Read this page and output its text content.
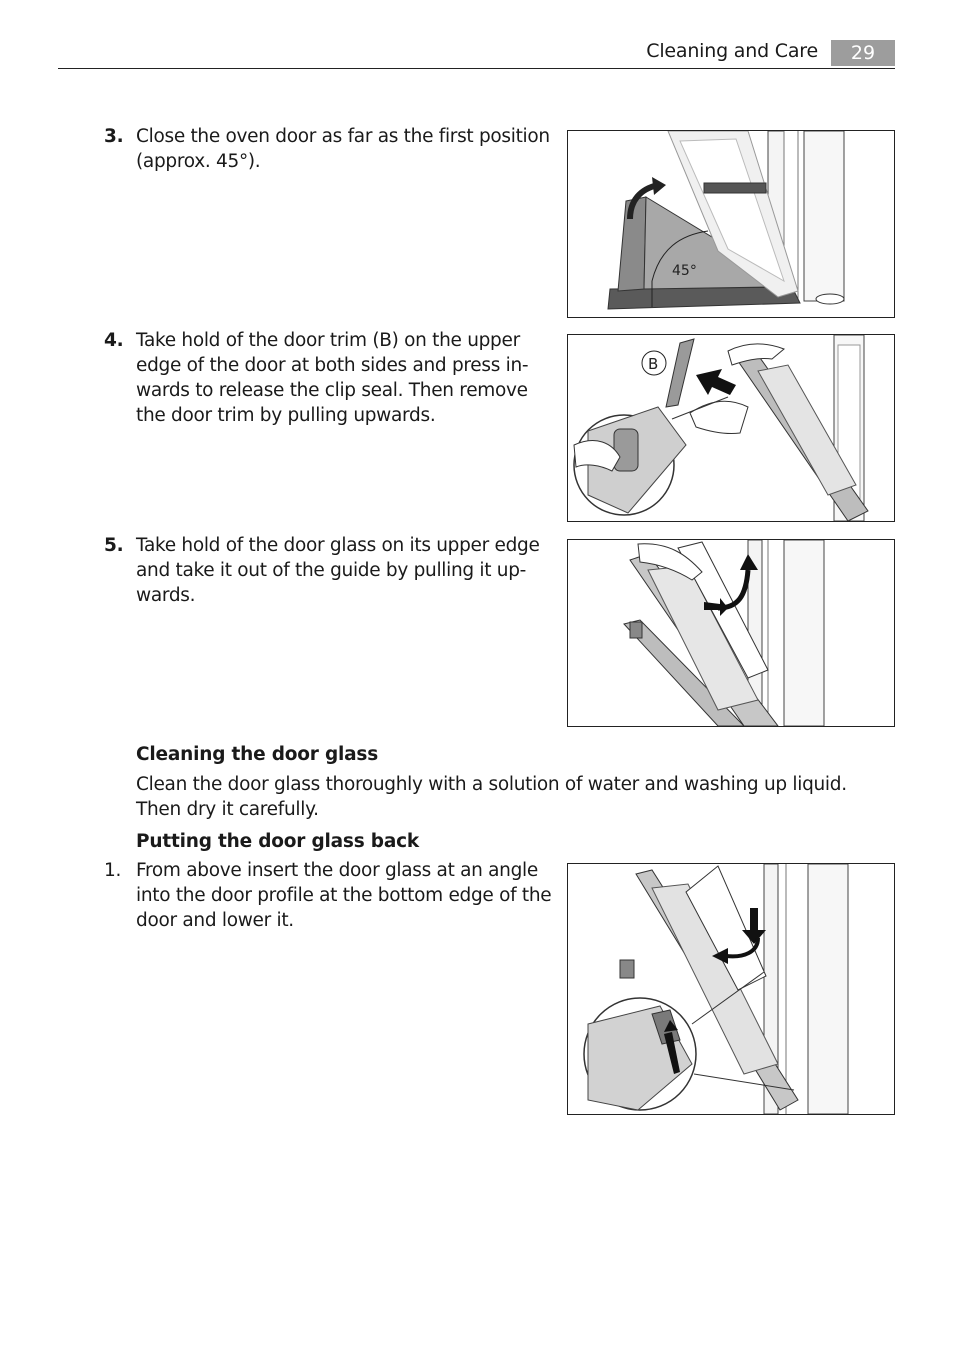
Cleaning and Care	29
3. Close the oven door as far as the first position (approx. 45°).
45°
4. Take hold of the door trim (B) on the upper edge of the door at both sides and press in-wards to release the clip seal. Then remove the door trim by pulling upwards.
B
5. Take hold of the door glass on its upper edge and take it out of the guide by pulling it up-wards.
Cleaning the door glass
Clean the door glass thoroughly with a solution of water and washing up liquid. Then dry it carefully.
Putting the door glass back
1. From above insert the door glass at an angle into the door profile at the bottom edge of the door and lower it.
